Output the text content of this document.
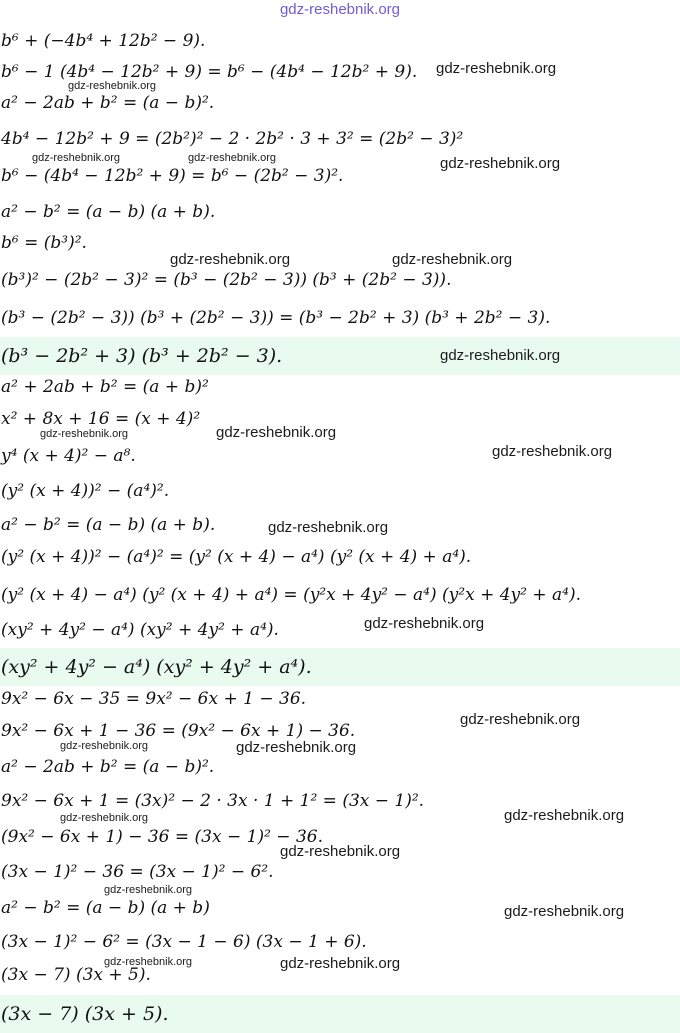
gdz-reshebnik.org
b⁶ + (−4b⁴ + 12b² − 9).
b⁶ − 1 (4b⁴ − 12b² + 9) = b⁶ − (4b⁴ − 12b² + 9).
a² − 2ab + b² = (a − b)².
4b⁴ − 12b² + 9 = (2b²)² − 2 · 2b² · 3 + 3² = (2b² − 3)²
b⁶ − (4b⁴ − 12b² + 9) = b⁶ − (2b² − 3)².
a² − b² = (a − b) (a + b).
b⁶ = (b³)².
(b³)² − (2b² − 3)² = (b³ − (2b² − 3)) (b³ + (2b² − 3)).
(b³ − (2b² − 3)) (b³ + (2b² − 3)) = (b³ − 2b² + 3) (b³ + 2b² − 3).
(b³ − 2b² + 3) (b³ + 2b² − 3).
a² + 2ab + b² = (a + b)²
x² + 8x + 16 = (x + 4)²
y⁴ (x + 4)² − a⁸.
(y² (x + 4))² − (a⁴)².
a² − b² = (a − b) (a + b).
(y² (x + 4))² − (a⁴)² = (y² (x + 4) − a⁴) (y² (x + 4) + a⁴).
(y² (x + 4) − a⁴) (y² (x + 4) + a⁴) = (y²x + 4y² − a⁴) (y²x + 4y² + a⁴).
(xy² + 4y² − a⁴) (xy² + 4y² + a⁴).
(xy² + 4y² − a⁴) (xy² + 4y² + a⁴).
9x² − 6x − 35 = 9x² − 6x + 1 − 36.
9x² − 6x + 1 − 36 = (9x² − 6x + 1) − 36.
a² − 2ab + b² = (a − b)².
9x² − 6x + 1 = (3x)² − 2 · 3x · 1 + 1² = (3x − 1)².
(9x² − 6x + 1) − 36 = (3x − 1)² − 36.
(3x − 1)² − 36 = (3x − 1)² − 6².
a² − b² = (a − b) (a + b)
(3x − 1)² − 6² = (3x − 1 − 6) (3x − 1 + 6).
(3x − 7) (3x + 5).
(3x − 7) (3x + 5).
gdz-reshebnik.org
gdz-reshebnik.org
gdz-reshebnik.org	gdz-reshebnik.org	gdz-reshebnik.org
gdz-reshebnik.org	gdz-reshebnik.org
gdz-reshebnik.org
gdz-reshebnik.org	gdz-reshebnik.org
gdz-reshebnik.org
gdz-reshebnik.org
gdz-reshebnik.org
gdz-reshebnik.org
gdz-reshebnik.org	gdz-reshebnik.org
gdz-reshebnik.org
gdz-reshebnik.org
gdz-reshebnik.org
gdz-reshebnik.org
gdz-reshebnik.org
gdz-reshebnik.org	gdz-reshebnik.org
